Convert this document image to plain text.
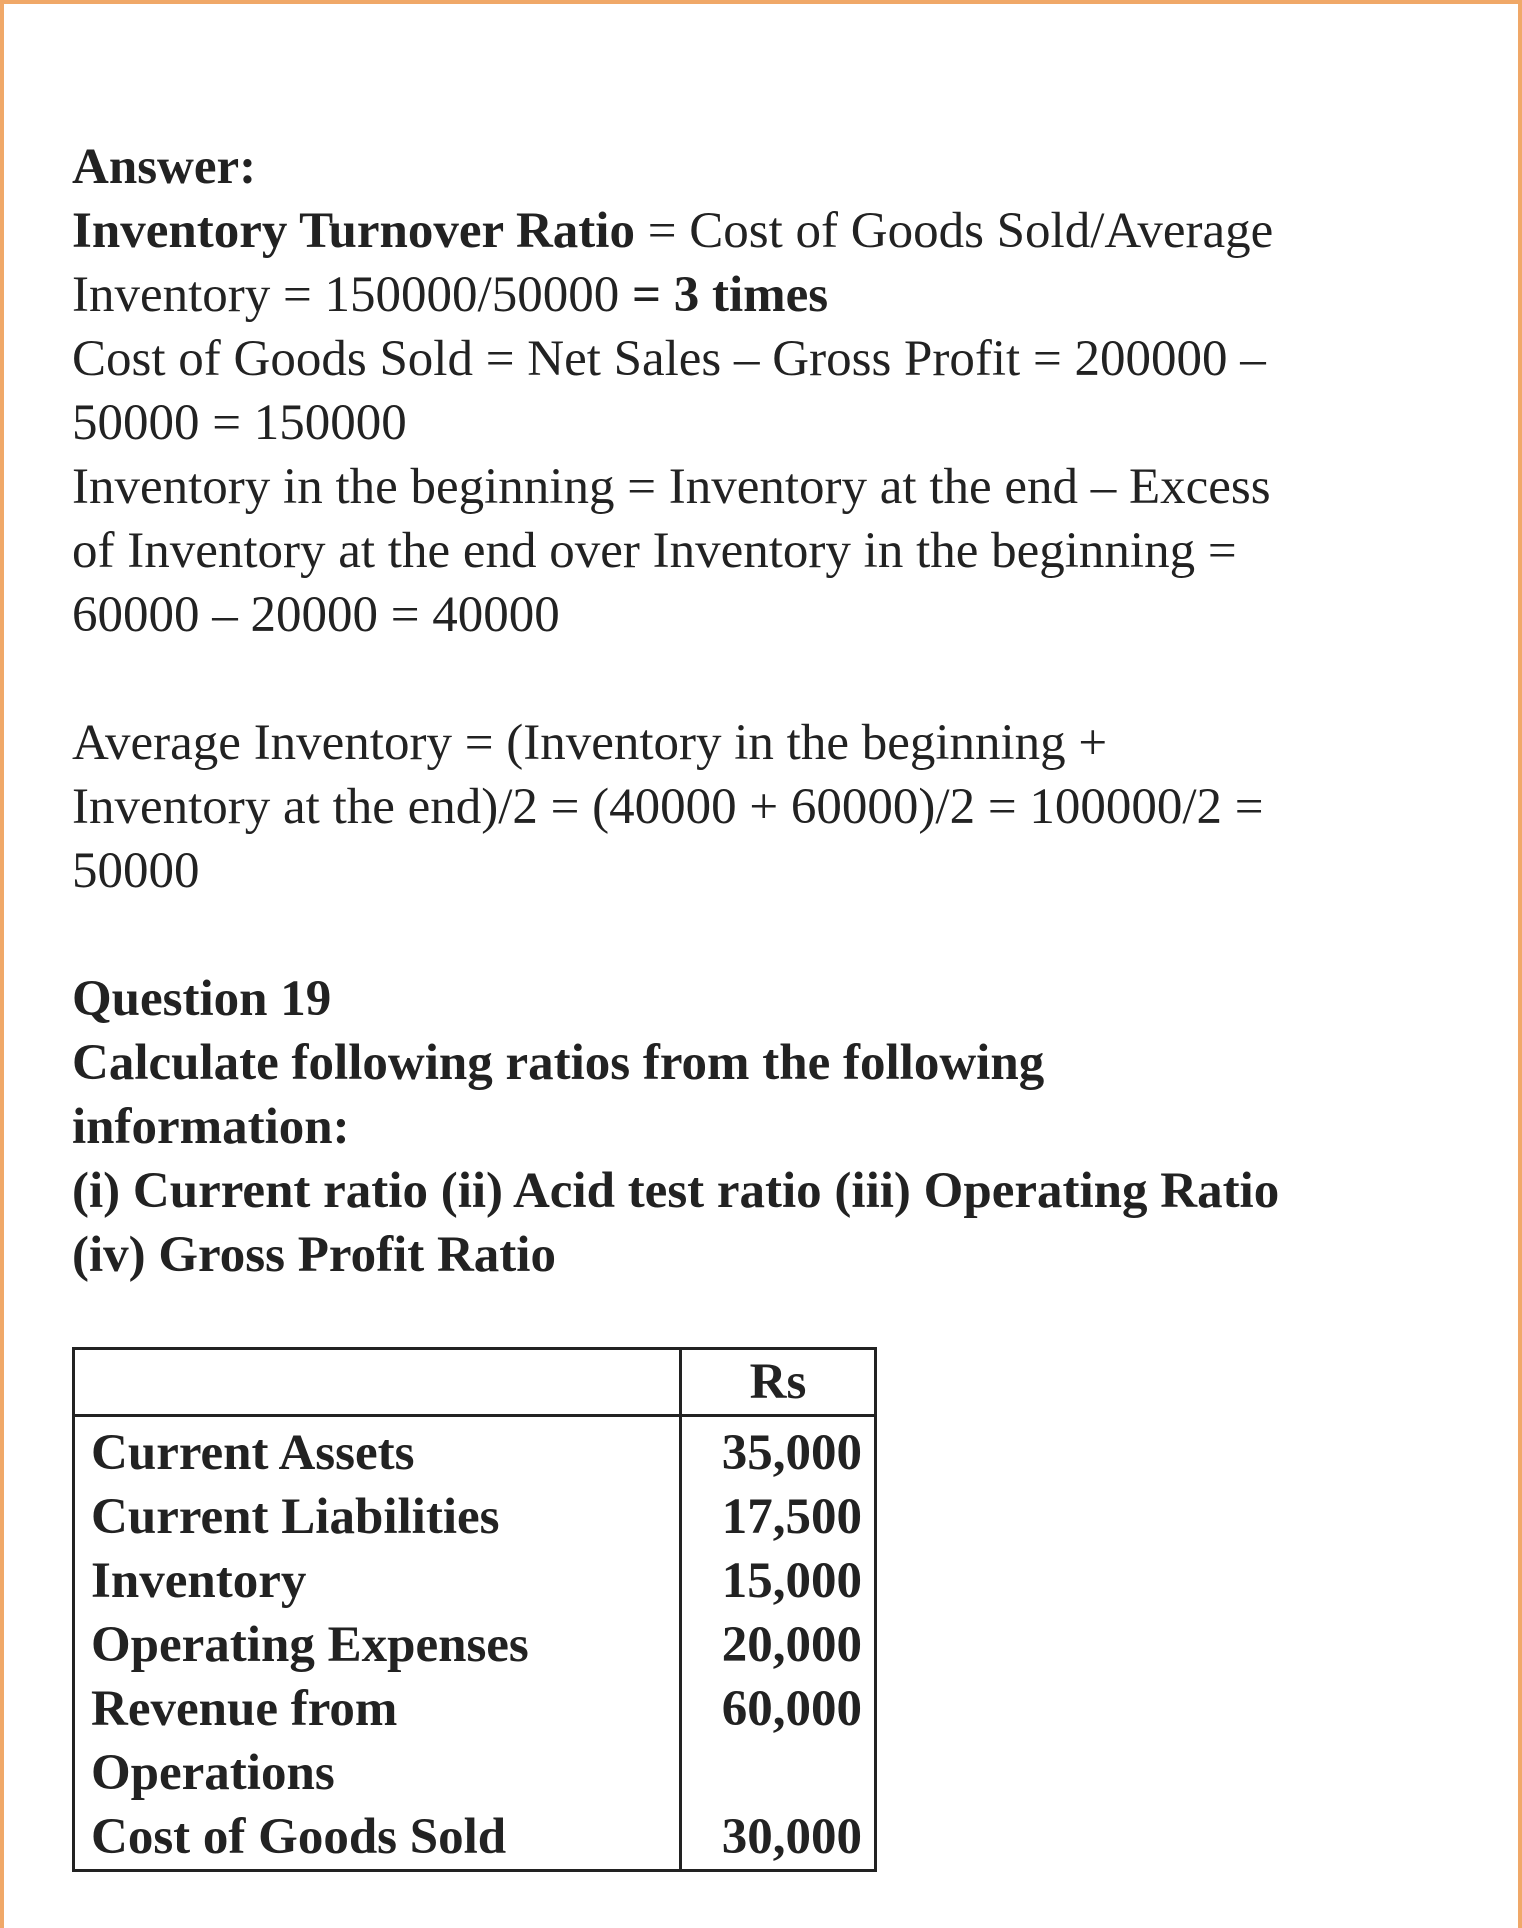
Answer:
Inventory Turnover Ratio = Cost of Goods Sold/Average
Inventory = 150000/50000 = 3 times
Cost of Goods Sold = Net Sales – Gross Profit = 200000 –
50000 = 150000
Inventory in the beginning = Inventory at the end – Excess
of Inventory at the end over Inventory in the beginning =
60000 – 20000 = 40000
Average Inventory = (Inventory in the beginning +
Inventory at the end)/2 = (40000 + 60000)/2 = 100000/2 =
50000
Question 19
Calculate following ratios from the following
information:
(i) Current ratio (ii) Acid test ratio (iii) Operating Ratio
(iv) Gross Profit Ratio
	Rs
Current Assets	35,000
Current Liabilities	17,500
Inventory	15,000
Operating Expenses	20,000
Revenue from	60,000
Operations	
Cost of Goods Sold	30,000
